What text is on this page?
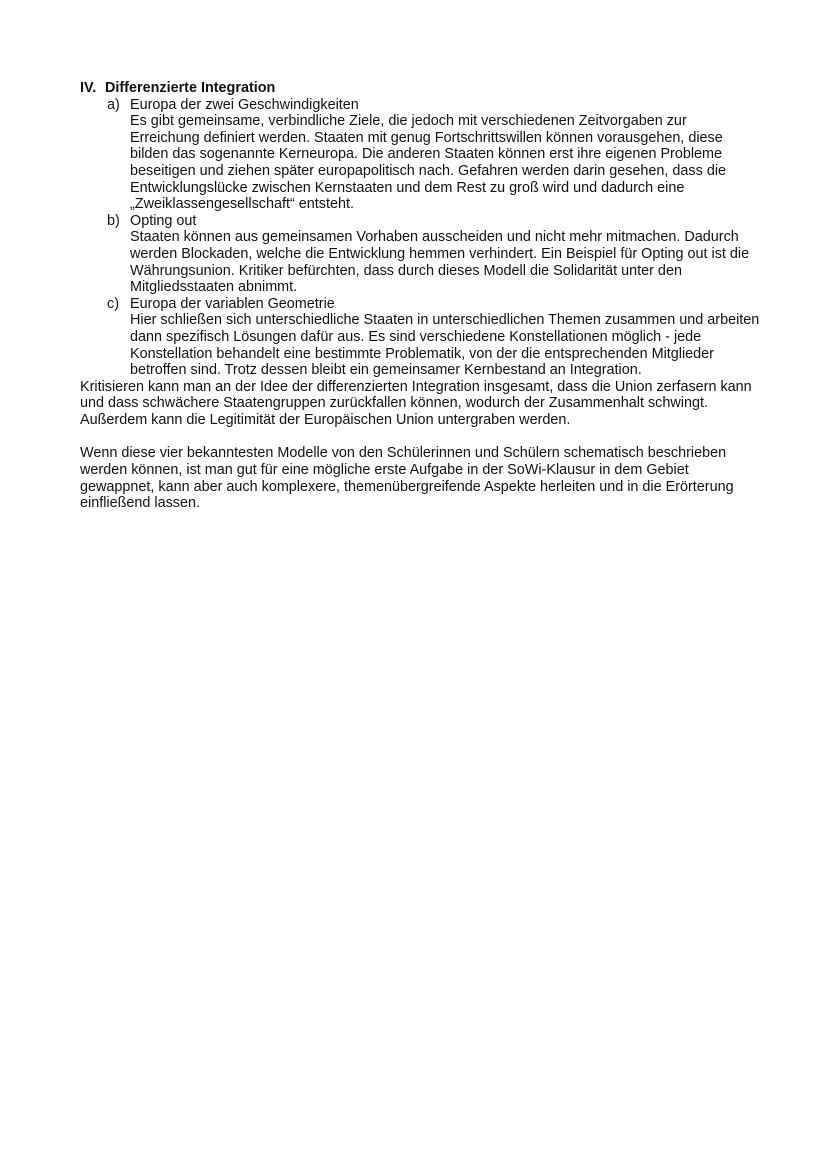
IV. Differenzierte Integration
a) Europa der zwei Geschwindigkeiten

Es gibt gemeinsame, verbindliche Ziele, die jedoch mit verschiedenen Zeitvorgaben zur Erreichung definiert werden. Staaten mit genug Fortschrittswillen können vorausgehen, diese bilden das sogenannte Kerneuropa. Die anderen Staaten können erst ihre eigenen Probleme beseitigen und ziehen später europapolitisch nach. Gefahren werden darin gesehen, dass die Entwicklungslücke zwischen Kernstaaten und dem Rest zu groß wird und dadurch eine „Zweiklassengesellschaft“ entsteht.

b) Opting out

Staaten können aus gemeinsamen Vorhaben ausscheiden und nicht mehr mitmachen. Dadurch werden Blockaden, welche die Entwicklung hemmen verhindert. Ein Beispiel für Opting out ist die Währungsunion. Kritiker befürchten, dass durch dieses Modell die Solidarität unter den Mitgliedsstaaten abnimmt.

c) Europa der variablen Geometrie

Hier schließen sich unterschiedliche Staaten in unterschiedlichen Themen zusammen und arbeiten dann spezifisch Lösungen dafür aus. Es sind verschiedene Konstellationen möglich - jede Konstellation behandelt eine bestimmte Problematik, von der die entsprechenden Mitglieder betroffen sind. Trotz dessen bleibt ein gemeinsamer Kernbestand an Integration.

Kritisieren kann man an der Idee der differenzierten Integration insgesamt, dass die Union zerfasern kann und dass schwächere Staatengruppen zurückfallen können, wodurch der Zusammenhalt schwingt. Außerdem kann die Legitimität der Europäischen Union untergraben werden.

Wenn diese vier bekanntesten Modelle von den Schülerinnen und Schülern schematisch beschrieben werden können, ist man gut für eine mögliche erste Aufgabe in der SoWi-Klausur in dem Gebiet gewappnet, kann aber auch komplexere, themenübergreifende Aspekte herleiten und in die Erörterung einfließend lassen.
